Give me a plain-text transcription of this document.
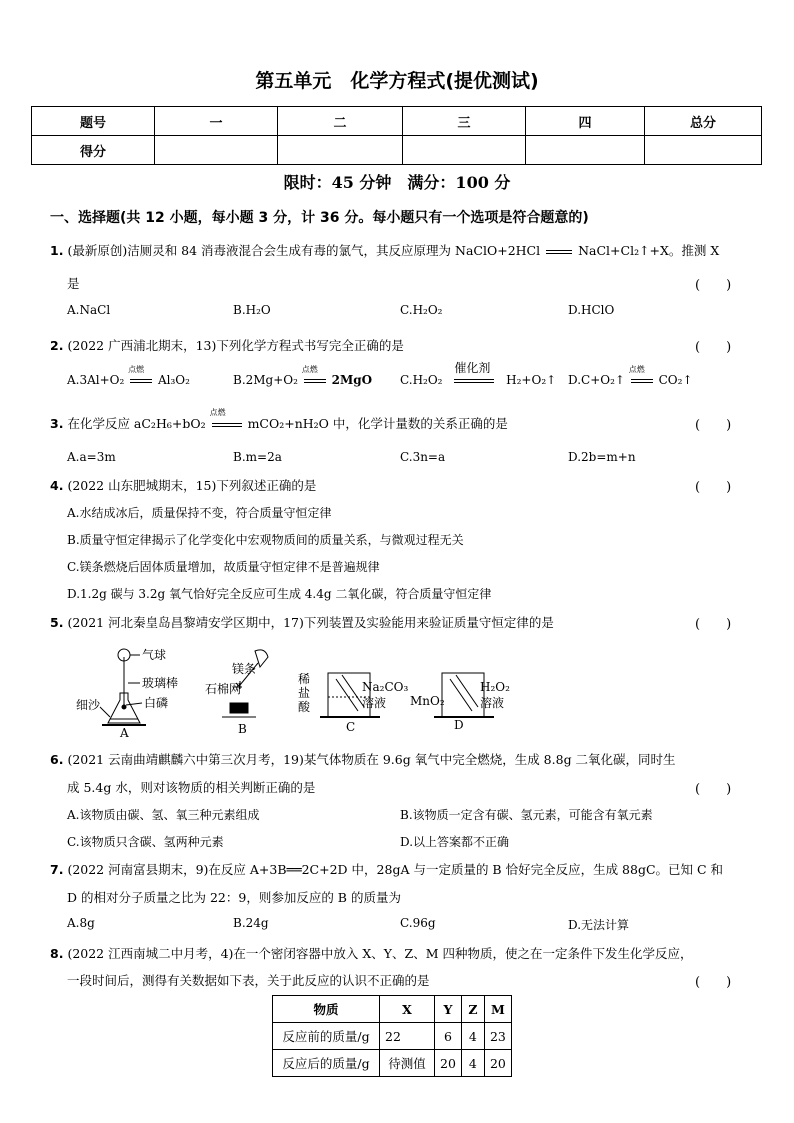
第五单元　化学方程式(提优测试)
题号	一	二	三	四	总分
得分					
限时：45 分钟　满分：100 分
一、选择题(共 12 小题，每小题 3 分，计 36 分。每小题只有一个选项是符合题意的)
1. (最新原创)洁厕灵和 84 消毒液混合会生成有毒的氯气，其反应原理为 NaClO+2HCl	NaCl+Cl₂↑+X。推测 X
是	(　　)
A.NaCl	B.H₂O	C.H₂O₂	D.HClO
2. (2022 广西浦北期末，13)下列化学方程式书写完全正确的是	(　　)
A.3Al+O₂
点燃
Al₃O₂	B.2Mg+O₂
点燃
2MgO C.H₂O₂
催化剂
H₂+O₂↑ D.C+O₂↑
点燃
CO₂↑
3. 在化学反应 aC₂H₆+bO₂
点燃
mCO₂+nH₂O 中，化学计量数的关系正确的是	(　　)
A.a=3m	B.m=2a	C.3n=a	D.2b=m+n
4. (2022 山东肥城期末，15)下列叙述正确的是	(　　)
A.水结成冰后，质量保持不变，符合质量守恒定律
B.质量守恒定律揭示了化学变化中宏观物质间的质量关系，与微观过程无关
C.镁条燃烧后固体质量增加，故质量守恒定律不是普遍规律
D.1.2g 碳与 3.2g 氧气恰好完全反应可生成 4.4g 二氧化碳，符合质量守恒定律
5. (2021 河北秦皇岛昌黎靖安学区期中，17)下列装置及实验能用来验证质量守恒定律的是	(　　)
气球
玻璃棒
白磷
细沙
A
镁条
石棉网
B
稀
盐
酸
Na₂CO₃
溶液
C
MnO₂
H₂O₂
溶液
D
6. (2021 云南曲靖麒麟六中第三次月考，19)某气体物质在 9.6g 氧气中完全燃烧，生成 8.8g 二氧化碳，同时生
成 5.4g 水，则对该物质的相关判断正确的是	(　　)
A.该物质由碳、氢、氧三种元素组成	B.该物质一定含有碳、氢元素，可能含有氧元素
C.该物质只含碳、氢两种元素	D.以上答案都不正确
7. (2022 河南富县期末，9)在反应 A+3B══2C+2D 中，28gA 与一定质量的 B 恰好完全反应，生成 88gC。已知 C 和
D 的相对分子质量之比为 22：9，则参加反应的 B 的质量为
A.8g	B.24g	C.96g	D.无法计算
8. (2022 江西南城二中月考，4)在一个密闭容器中放入 X、Y、Z、M 四种物质，使之在一定条件下发生化学反应，
一段时间后，测得有关数据如下表，关于此反应的认识不正确的是	(　　)
物质	X	Y	Z	M
反应前的质量/g	22	6	4	23
反应后的质量/g	待测值	20	4	20
